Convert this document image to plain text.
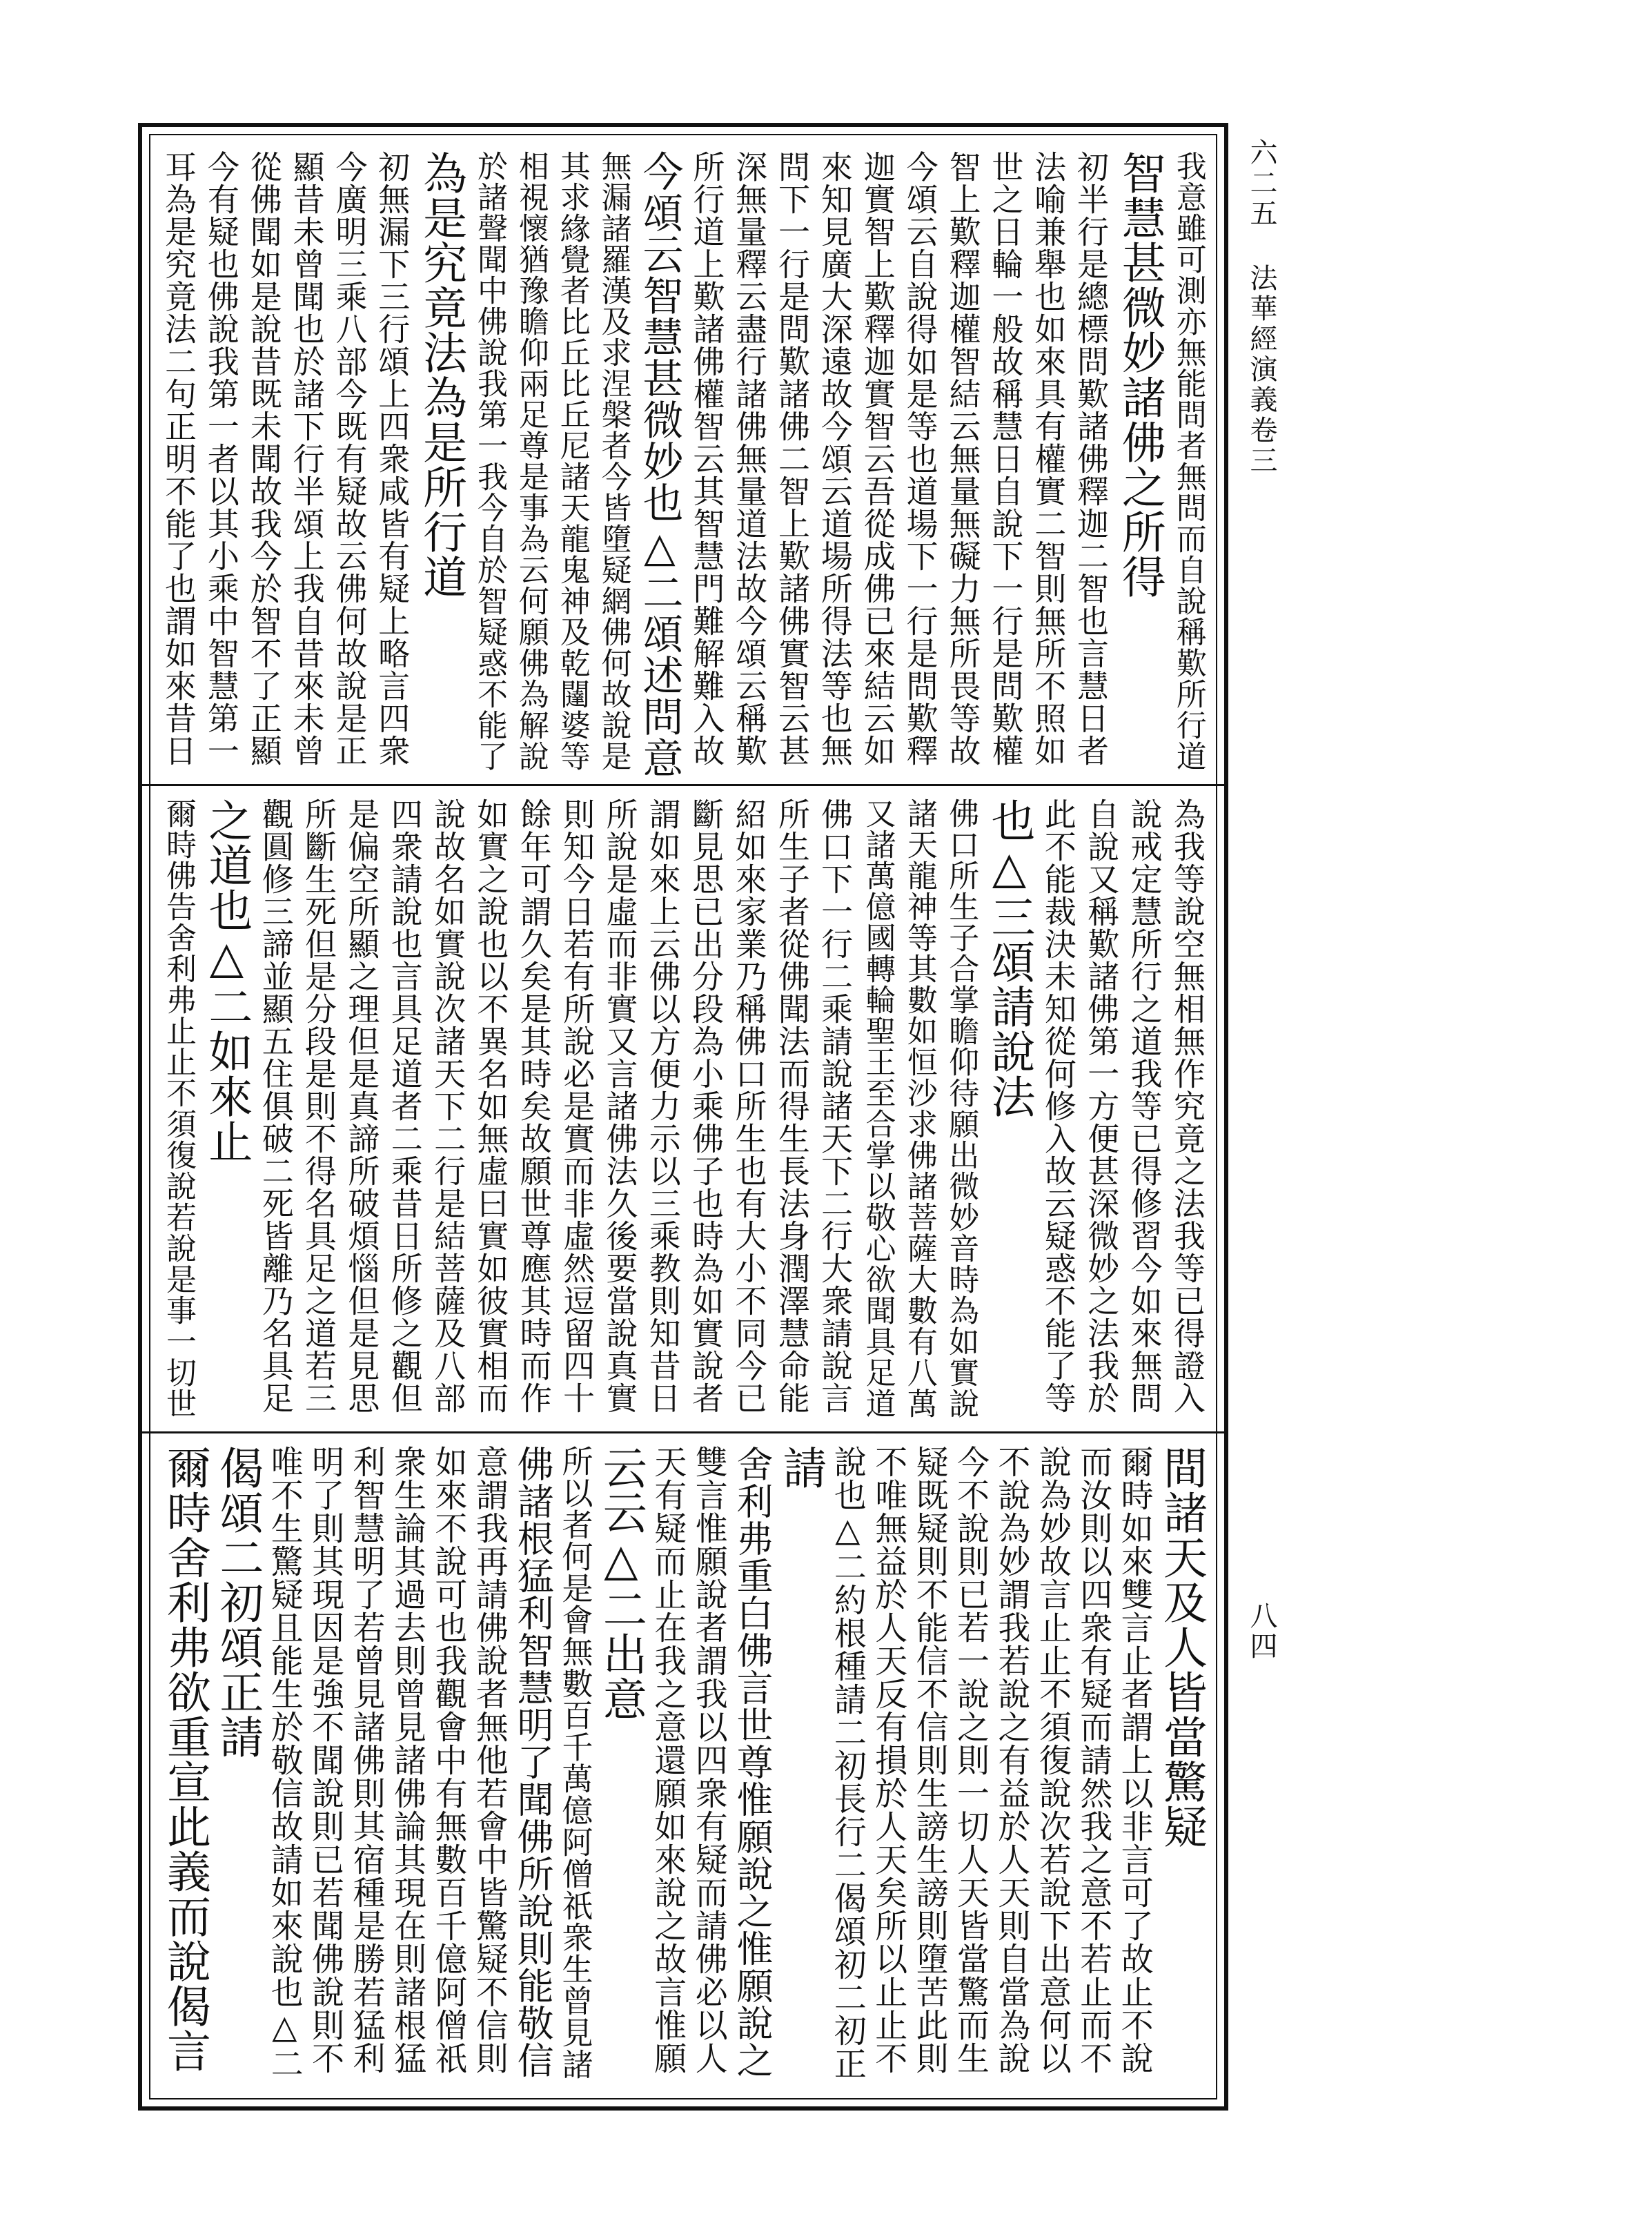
我意雖可測亦無能問者無問而自說稱歎所行道
智慧甚微妙諸佛之所得
初半行是總標問歎諸佛釋迦二智也言慧日者
法喻兼舉也如來具有權實二智則無所不照如
世之日輪一般故稱慧日自說下一行是問歎權
智上歎釋迦權智結云無量無礙力無所畏等故
今頌云自說得如是等也道場下一行是問歎釋
迦實智上歎釋迦實智云吾從成佛已來結云如
來知見廣大深遠故今頌云道場所得法等也無
問下一行是問歎諸佛二智上歎諸佛實智云甚
深無量釋云盡行諸佛無量道法故今頌云稱歎
所行道上歎諸佛權智云其智慧門難解難入故
今頌云智慧甚微妙也△二頌述問意
無漏諸羅漢及求涅槃者今皆墮疑網佛何故說是
其求緣覺者比丘比丘尼諸天龍鬼神及乾闥婆等
相視懷猶豫瞻仰兩足尊是事為云何願佛為解說
於諸聲聞中佛說我第一我今自於智疑惑不能了
為是究竟法為是所行道
初無漏下三行頌上四衆咸皆有疑上略言四衆
今廣明三乘八部今既有疑故云佛何故說是正
顯昔未曾聞也於諸下行半頌上我自昔來未曾
從佛聞如是說昔既未聞故我今於智不了正顯
今有疑也佛說我第一者以其小乘中智慧第一
耳為是究竟法二句正明不能了也謂如來昔日
為我等說空無相無作究竟之法我等已得證入
說戒定慧所行之道我等已得修習今如來無問
自說又稱歎諸佛第一方便甚深微妙之法我於
此不能裁決未知從何修入故云疑惑不能了等
也△三頌請說法
佛口所生子合掌瞻仰待願出微妙音時為如實說
諸天龍神等其數如恒沙求佛諸菩薩大數有八萬
又諸萬億國轉輪聖王至合掌以敬心欲聞具足道
佛口下一行二乘請說諸天下二行大衆請說言
所生子者從佛聞法而得生長法身潤澤慧命能
紹如來家業乃稱佛口所生也有大小不同今已
斷見思已出分段為小乘佛子也時為如實說者
謂如來上云佛以方便力示以三乘教則知昔日
所說是虛而非實又言諸佛法久後要當說真實
則知今日若有所說必是實而非虛然逗留四十
餘年可謂久矣是其時矣故願世尊應其時而作
如實之說也以不異名如無虛曰實如彼實相而
說故名如實說次諸天下二行是結菩薩及八部
四衆請說也言具足道者二乘昔日所修之觀但
是偏空所顯之理但是真諦所破煩惱但是見思
所斷生死但是分段是則不得名具足之道若三
觀圓修三諦並顯五住俱破二死皆離乃名具足
之道也△二如來止
爾時佛告舍利弗止止不須復說若說是事一切世
間諸天及人皆當驚疑
爾時如來雙言止者謂上以非言可了故止不說
而汝則以四衆有疑而請然我之意不若止而不
說為妙故言止止不須復說次若說下出意何以
不說為妙謂我若說之有益於人天則自當為說
今不說則已若一說之則一切人天皆當驚而生
疑既疑則不能信不信則生謗生謗則墮苦此則
不唯無益於人天反有損於人天矣所以止止不
說也△二約根種請二初長行二偈頌初二初正
請
舍利弗重白佛言世尊惟願說之惟願說之
雙言惟願說者謂我以四衆有疑而請佛必以人
天有疑而止在我之意還願如來說之故言惟願
云云△二出意
所以者何是會無數百千萬億阿僧祇衆生曾見諸
佛諸根猛利智慧明了聞佛所說則能敬信
意謂我再請佛說者無他若會中皆驚疑不信則
如來不說可也我觀會中有無數百千億阿僧祇
衆生論其過去則曾見諸佛論其現在則諸根猛
利智慧明了若曾見諸佛則其宿種是勝若猛利
明了則其現因是強不聞說則已若聞佛說則不
唯不生驚疑且能生於敬信故請如來說也△二
偈頌二初頌正請
爾時舍利弗欲重宣此義而說偈言
六二五 法華經演義卷三
八四
